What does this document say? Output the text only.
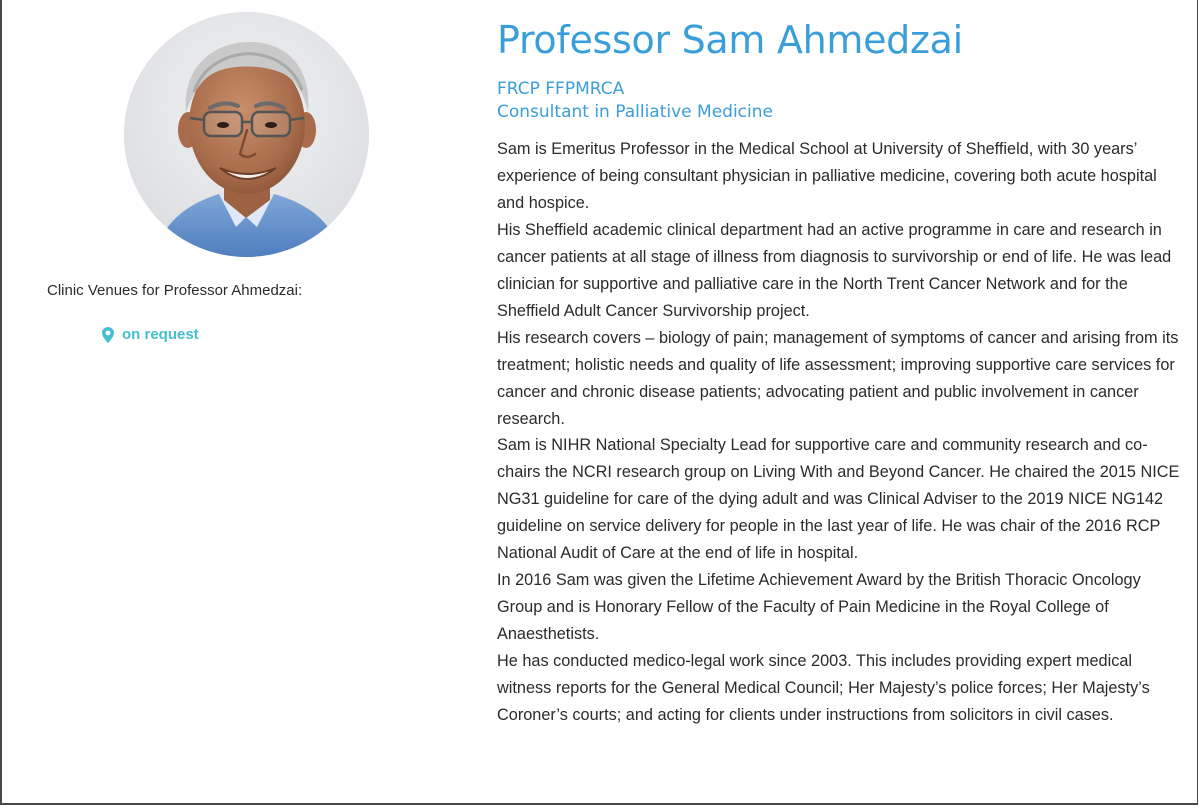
Clinic Venues for Professor Ahmedzai:
on request
Professor Sam Ahmedzai
FRCP FFPMRCA
Consultant in Palliative Medicine

Sam is Emeritus Professor in the Medical School at University of Sheffield, with 30 years’ experience of being consultant physician in palliative medicine, covering both acute hospital and hospice.

His Sheffield academic clinical department had an active programme in care and research in cancer patients at all stage of illness from diagnosis to survivorship or end of life. He was lead clinician for supportive and palliative care in the North Trent Cancer Network and for the Sheffield Adult Cancer Survivorship project.

His research covers – biology of pain; management of symptoms of cancer and arising from its treatment; holistic needs and quality of life assessment; improving supportive care services for cancer and chronic disease patients; advocating patient and public involvement in cancer research.

Sam is NIHR National Specialty Lead for supportive care and community research and co-chairs the NCRI research group on Living With and Beyond Cancer. He chaired the 2015 NICE NG31 guideline for care of the dying adult and was Clinical Adviser to the 2019 NICE NG142 guideline on service delivery for people in the last year of life. He was chair of the 2016 RCP National Audit of Care at the end of life in hospital.

In 2016 Sam was given the Lifetime Achievement Award by the British Thoracic Oncology Group and is Honorary Fellow of the Faculty of Pain Medicine in the Royal College of Anaesthetists.

He has conducted medico-legal work since 2003. This includes providing expert medical witness reports for the General Medical Council; Her Majesty’s police forces; Her Majesty’s Coroner’s courts; and acting for clients under instructions from solicitors in civil cases.
